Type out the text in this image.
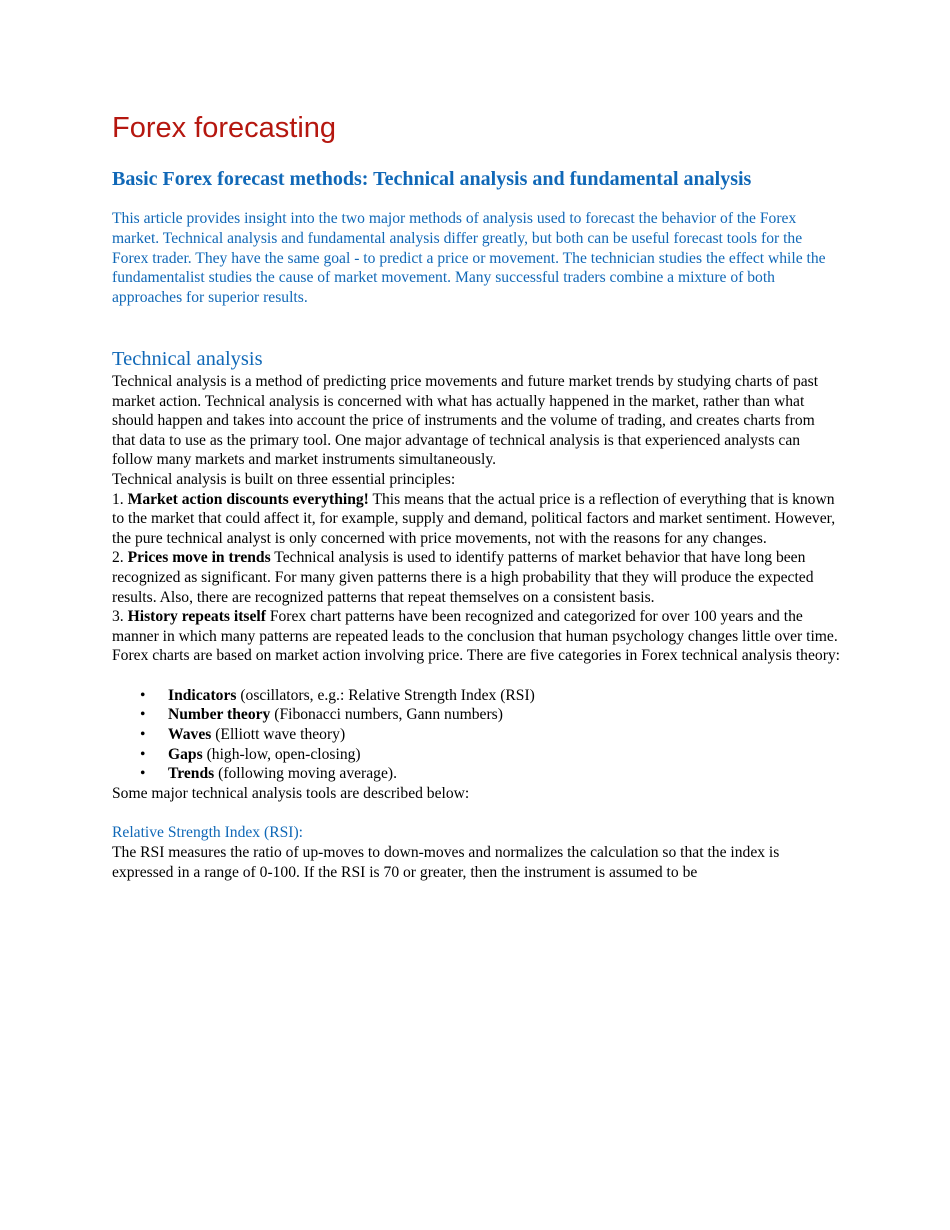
Forex forecasting
Basic Forex forecast methods: Technical analysis and fundamental analysis

This article provides insight into the two major methods of analysis used to forecast the behavior of the Forex market. Technical analysis and fundamental analysis differ greatly, but both can be useful forecast tools for the Forex trader. They have the same goal - to predict a price or movement. The technician studies the effect while the fundamentalist studies the cause of market movement. Many successful traders combine a mixture of both approaches for superior results.

Technical analysis

Technical analysis is a method of predicting price movements and future market trends by studying charts of past market action. Technical analysis is concerned with what has actually happened in the market, rather than what should happen and takes into account the price of instruments and the volume of trading, and creates charts from that data to use as the primary tool. One major advantage of technical analysis is that experienced analysts can follow many markets and market instruments simultaneously.

Technical analysis is built on three essential principles:

1. Market action discounts everything! This means that the actual price is a reflection of everything that is known to the market that could affect it, for example, supply and demand, political factors and market sentiment. However, the pure technical analyst is only concerned with price movements, not with the reasons for any changes.

2. Prices move in trends Technical analysis is used to identify patterns of market behavior that have long been recognized as significant. For many given patterns there is a high probability that they will produce the expected results. Also, there are recognized patterns that repeat themselves on a consistent basis.

3. History repeats itself Forex chart patterns have been recognized and categorized for over 100 years and the manner in which many patterns are repeated leads to the conclusion that human psychology changes little over time.

Forex charts are based on market action involving price. There are five categories in Forex technical analysis theory:

• Indicators (oscillators, e.g.: Relative Strength Index (RSI)
• Number theory (Fibonacci numbers, Gann numbers)
• Waves (Elliott wave theory)
• Gaps (high-low, open-closing)
• Trends (following moving average).

Some major technical analysis tools are described below:

Relative Strength Index (RSI):

The RSI measures the ratio of up-moves to down-moves and normalizes the calculation so that the index is expressed in a range of 0-100. If the RSI is 70 or greater, then the instrument is assumed to be
